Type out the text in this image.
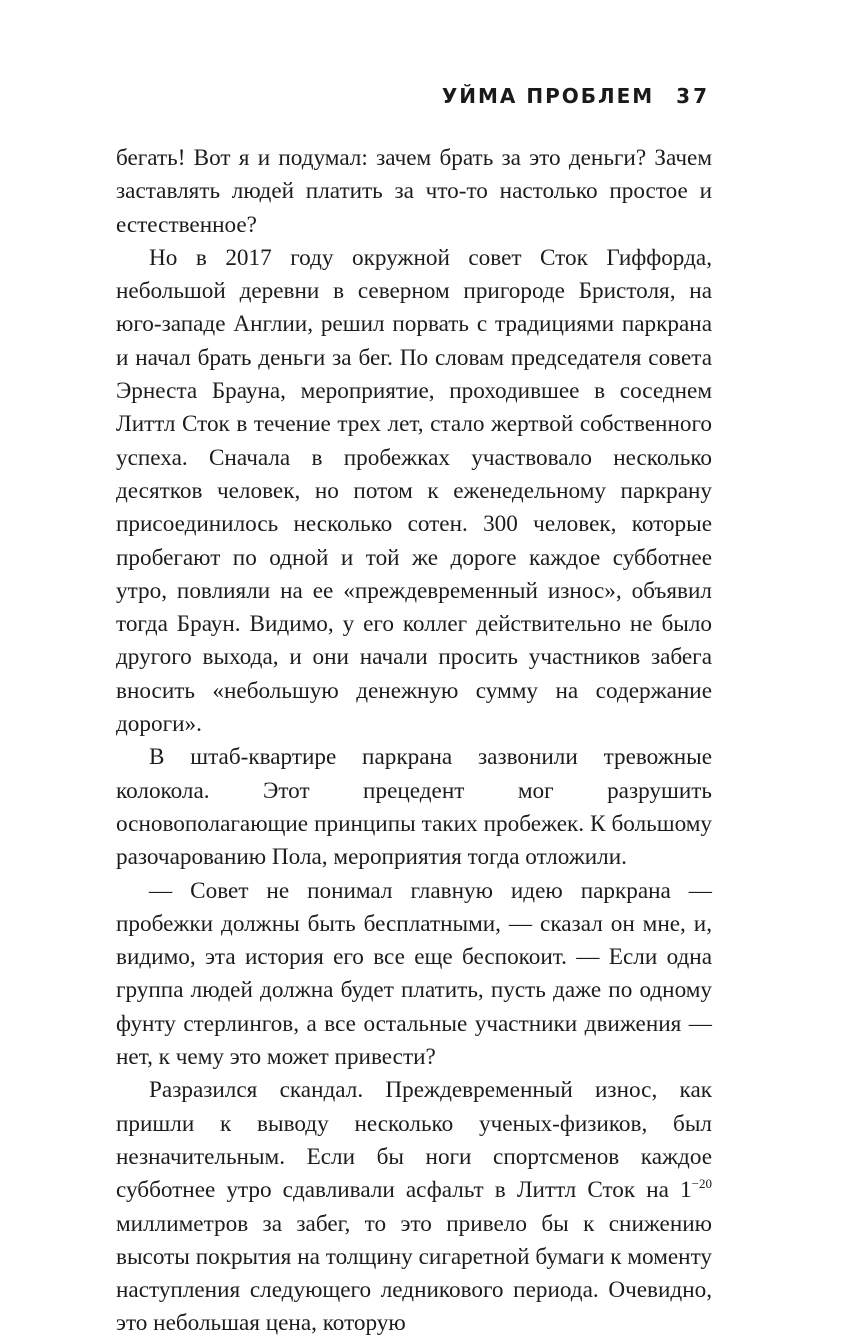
УЙМА ПРОБЛЕМ 37

бегать! Вот я и подумал: зачем брать за это деньги? Зачем заставлять людей платить за что-то настолько простое и естественное?

Но в 2017 году окружной совет Сток Гиффорда, небольшой деревни в северном пригороде Бристоля, на юго-западе Англии, решил порвать с традициями паркрана и начал брать деньги за бег. По словам председателя совета Эрнеста Брауна, мероприятие, проходившее в соседнем Литтл Сток в течение трех лет, стало жертвой собственного успеха. Сначала в пробежках участвовало несколько десятков человек, но потом к еженедельному паркрану присоединилось несколько сотен. 300 человек, которые пробегают по одной и той же дороге каждое субботнее утро, повлияли на ее «преждевременный износ», объявил тогда Браун. Видимо, у его коллег действительно не было другого выхода, и они начали просить участников забега вносить «небольшую денежную сумму на содержание дороги».

В штаб-квартире паркрана зазвонили тревожные колокола. Этот прецедент мог разрушить основополагающие принципы таких пробежек. К большому разочарованию Пола, мероприятия тогда отложили.

— Совет не понимал главную идею паркрана — пробежки должны быть бесплатными, — сказал он мне, и, видимо, эта история его все еще беспокоит. — Если одна группа людей должна будет платить, пусть даже по одному фунту стерлингов, а все остальные участники движения — нет, к чему это может привести?

Разразился скандал. Преждевременный износ, как пришли к выводу несколько ученых-физиков, был незначительным. Если бы ноги спортсменов каждое субботнее утро сдавливали асфальт в Литтл Сток на $1^{-20}$ миллиметров за забег, то это привело бы к снижению высоты покрытия на толщину сигаретной бумаги к моменту наступления следующего ледникового периода. Очевидно, это небольшая цена, которую
